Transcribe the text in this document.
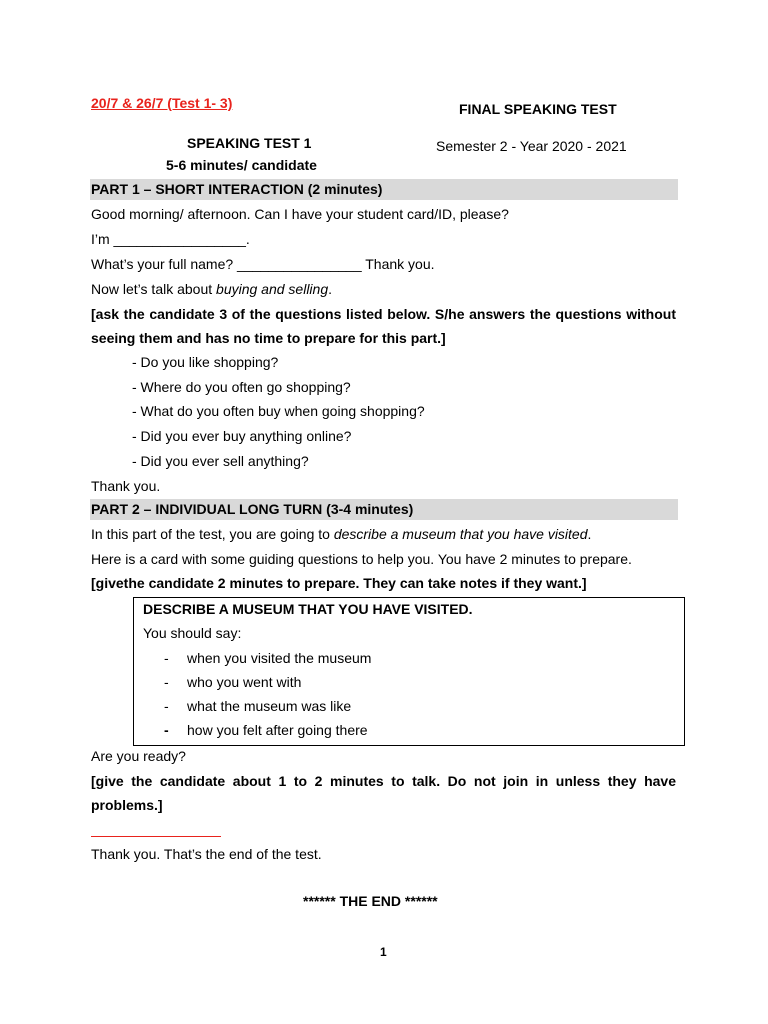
20/7 & 26/7 (Test 1- 3)	FINAL SPEAKING TEST
SPEAKING TEST 1	Semester 2 - Year 2020 - 2021
5-6 minutes/ candidate
PART 1 – SHORT INTERACTION (2 minutes)
Good morning/ afternoon. Can I have your student card/ID, please?
I’m _________________.
What’s your full name? ________________ Thank you.
Now let’s talk about buying and selling.
[ask the candidate 3 of the questions listed below. S/he answers the questions without seeing them and has no time to prepare for this part.]
- Do you like shopping?
- Where do you often go shopping?
- What do you often buy when going shopping?
- Did you ever buy anything online?
- Did you ever sell anything?
Thank you.
PART 2 – INDIVIDUAL LONG TURN (3-4 minutes)
In this part of the test, you are going to describe a museum that you have visited.
Here is a card with some guiding questions to help you. You have 2 minutes to prepare.
[givethe candidate 2 minutes to prepare. They can take notes if they want.]
DESCRIBE A MUSEUM THAT YOU HAVE VISITED.
You should say:
- when you visited the museum
- who you went with
- what the museum was like
- how you felt after going there
Are you ready?
[give the candidate about 1 to 2 minutes to talk. Do not join in unless they have problems.]
Thank you. That’s the end of the test.
****** THE END ******
1
